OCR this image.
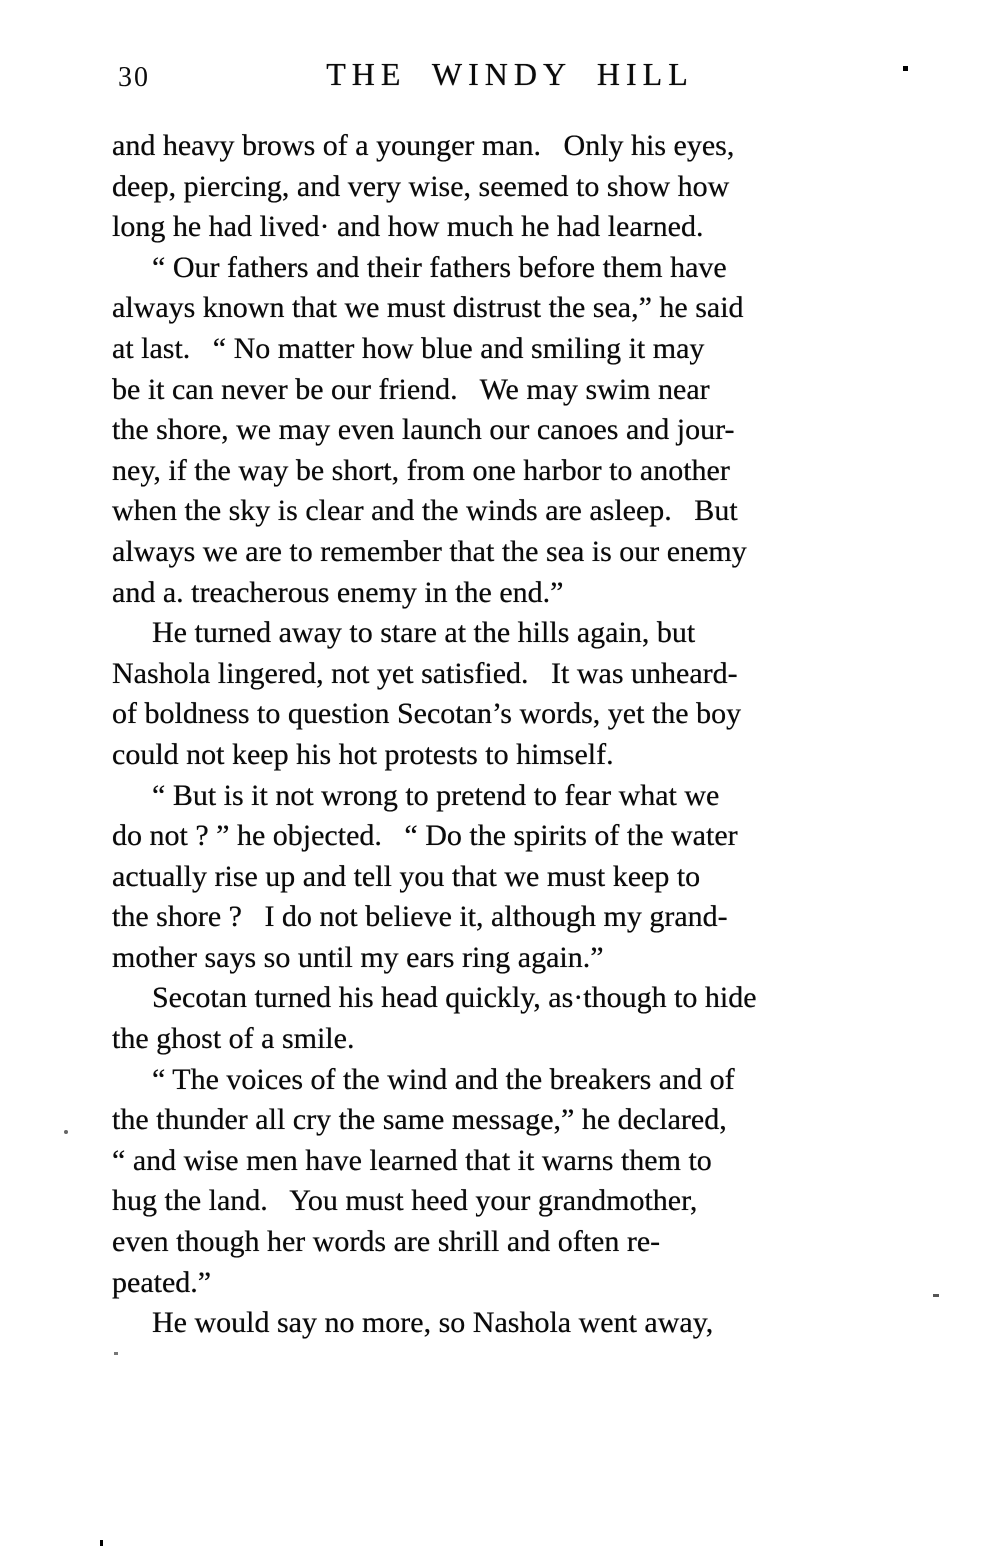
30	THE WINDY HILL

and heavy brows of a younger man.  Only his eyes,
deep, piercing, and very wise, seemed to show how
long he had lived· and how much he had learned.

“ Our fathers and their fathers before them have
always known that we must distrust the sea,” he said
at last.  “ No matter how blue and smiling it may
be it can never be our friend.  We may swim near
the shore, we may even launch our canoes and jour-
ney, if the way be short, from one harbor to another
when the sky is clear and the winds are asleep.  But
always we are to remember that the sea is our enemy
and a. treacherous enemy in the end.”

He turned away to stare at the hills again, but
Nashola lingered, not yet satisfied.  It was unheard-
of boldness to question Secotan’s words, yet the boy
could not keep his hot protests to himself.

“ But is it not wrong to pretend to fear what we
do not ? ” he objected.  “ Do the spirits of the water
actually rise up and tell you that we must keep to
the shore ?  I do not believe it, although my grand-
mother says so until my ears ring again.”

Secotan turned his head quickly, as·though to hide
the ghost of a smile.

“ The voices of the wind and the breakers and of
the thunder all cry the same message,” he declared,
“ and wise men have learned that it warns them to
hug the land.  You must heed your grandmother,
even though her words are shrill and often re-
peated.”

He would say no more, so Nashola went away,
